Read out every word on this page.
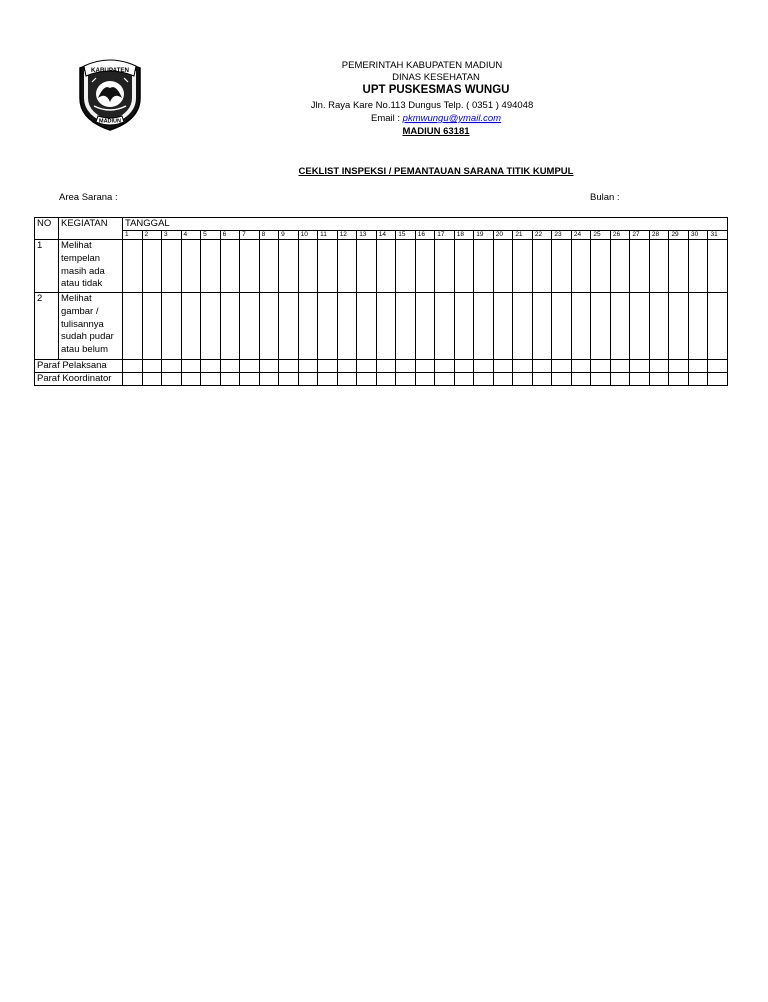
KABUPATEN
MADIUN
PEMERINTAH KABUPATEN MADIUN
DINAS KESEHATAN
UPT PUSKESMAS WUNGU
Jln. Raya Kare No.113 Dungus Telp. ( 0351 ) 494048
Email : pkmwungu@ymail.com
MADIUN 63181
CEKLIST INSPEKSI / PEMANTAUAN SARANA TITIK KUMPUL
Area Sarana :	Bulan :
NO	KEGIATAN	TANGGAL																														
		1	2	3	4	5	6	7	8	9	10	11	12	13	14	15	16	17	18	19	20	21	22	23	24	25	26	27	28	29	30	31
1	Melihat tempelan masih ada atau tidak																															
2	Melihat gambar / tulisannya sudah pudar atau belum																															
Paraf Pelaksana																																
Paraf Koordinator																																
